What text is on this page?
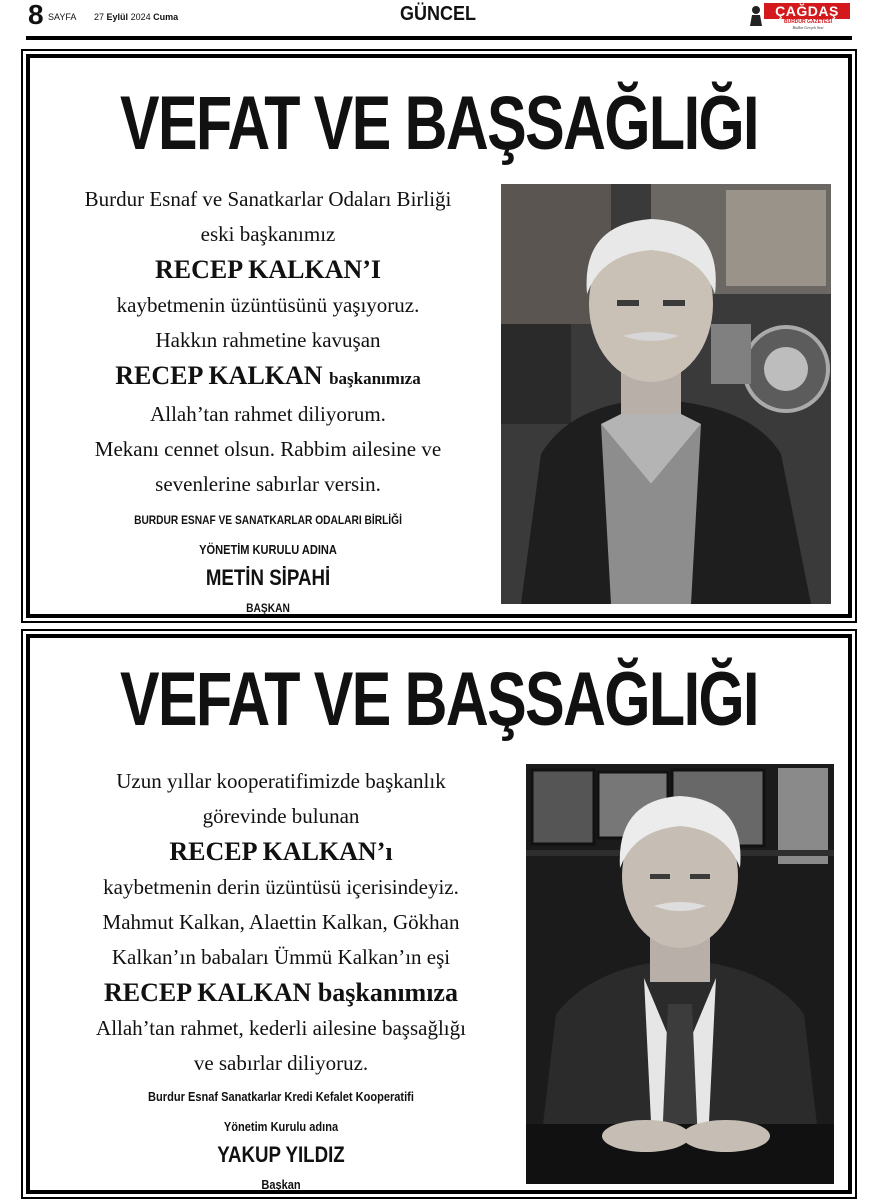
8 SAYFA 27 Eylül 2024 Cuma	GÜNCEL	ÇAĞDAŞ
BURDUR GAZETESİ
Halkın Gerçek Sesi
VEFAT VE BAŞSAĞLIĞI
Burdur Esnaf ve Sanatkarlar Odaları Birliği
eski başkanımız
RECEP KALKAN’I
kaybetmenin üzüntüsünü yaşıyoruz.
Hakkın rahmetine kavuşan
RECEP KALKAN başkanımıza
Allah’tan rahmet diliyorum.
Mekanı cennet olsun. Rabbim ailesine ve
sevenlerine sabırlar versin.
BURDUR ESNAF VE SANATKARLAR ODALARI BİRLİĞİ
YÖNETİM KURULU ADINA
METİN SİPAHİ
BAŞKAN
VEFAT VE BAŞSAĞLIĞI
Uzun yıllar kooperatifimizde başkanlık
görevinde bulunan
RECEP KALKAN’ı
kaybetmenin derin üzüntüsü içerisindeyiz.
Mahmut Kalkan, Alaettin Kalkan, Gökhan
Kalkan’ın babaları Ümmü Kalkan’ın eşi
RECEP KALKAN başkanımıza
Allah’tan rahmet, kederli ailesine başsağlığı
ve sabırlar diliyoruz.
Burdur Esnaf Sanatkarlar Kredi Kefalet Kooperatifi
Yönetim Kurulu adına
YAKUP YILDIZ
Başkan
